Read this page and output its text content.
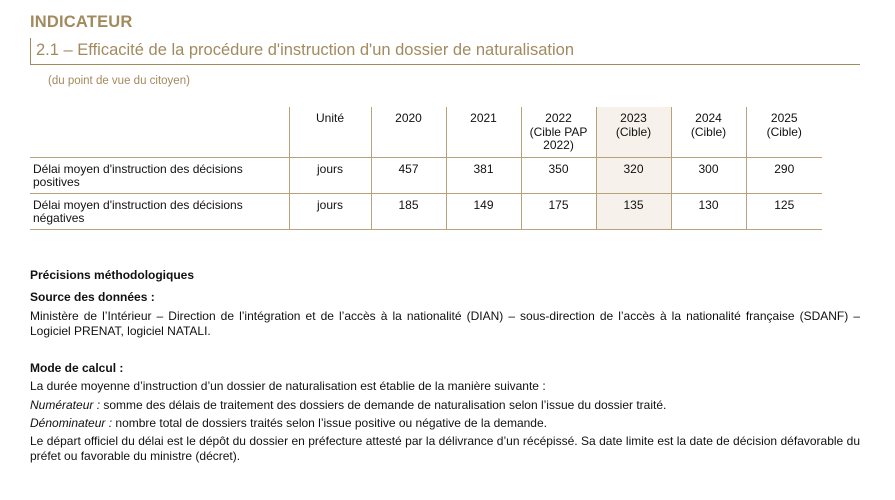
INDICATEUR
2.1 – Efficacité de la procédure d'instruction d'un dossier de naturalisation
(du point de vue du citoyen)
	Unité	2020	2021	2022 (Cible PAP 2022)	2023 (Cible)	2024 (Cible)	2025 (Cible)
Délai moyen d'instruction des décisions positives	jours	457	381	350	320	300	290
Délai moyen d'instruction des décisions négatives	jours	185	149	175	135	130	125
Précisions méthodologiques
Source des données :
Ministère de l’Intérieur – Direction de l’intégration et de l’accès à la nationalité (DIAN) – sous-direction de l’accès à la nationalité française (SDANF) – Logiciel PRENAT, logiciel NATALI.
Mode de calcul :
La durée moyenne d’instruction d’un dossier de naturalisation est établie de la manière suivante :
Numérateur : somme des délais de traitement des dossiers de demande de naturalisation selon l’issue du dossier traité.
Dénominateur : nombre total de dossiers traités selon l’issue positive ou négative de la demande.
Le départ officiel du délai est le dépôt du dossier en préfecture attesté par la délivrance d’un récépissé. Sa date limite est la date de décision défavorable du préfet ou favorable du ministre (décret).
